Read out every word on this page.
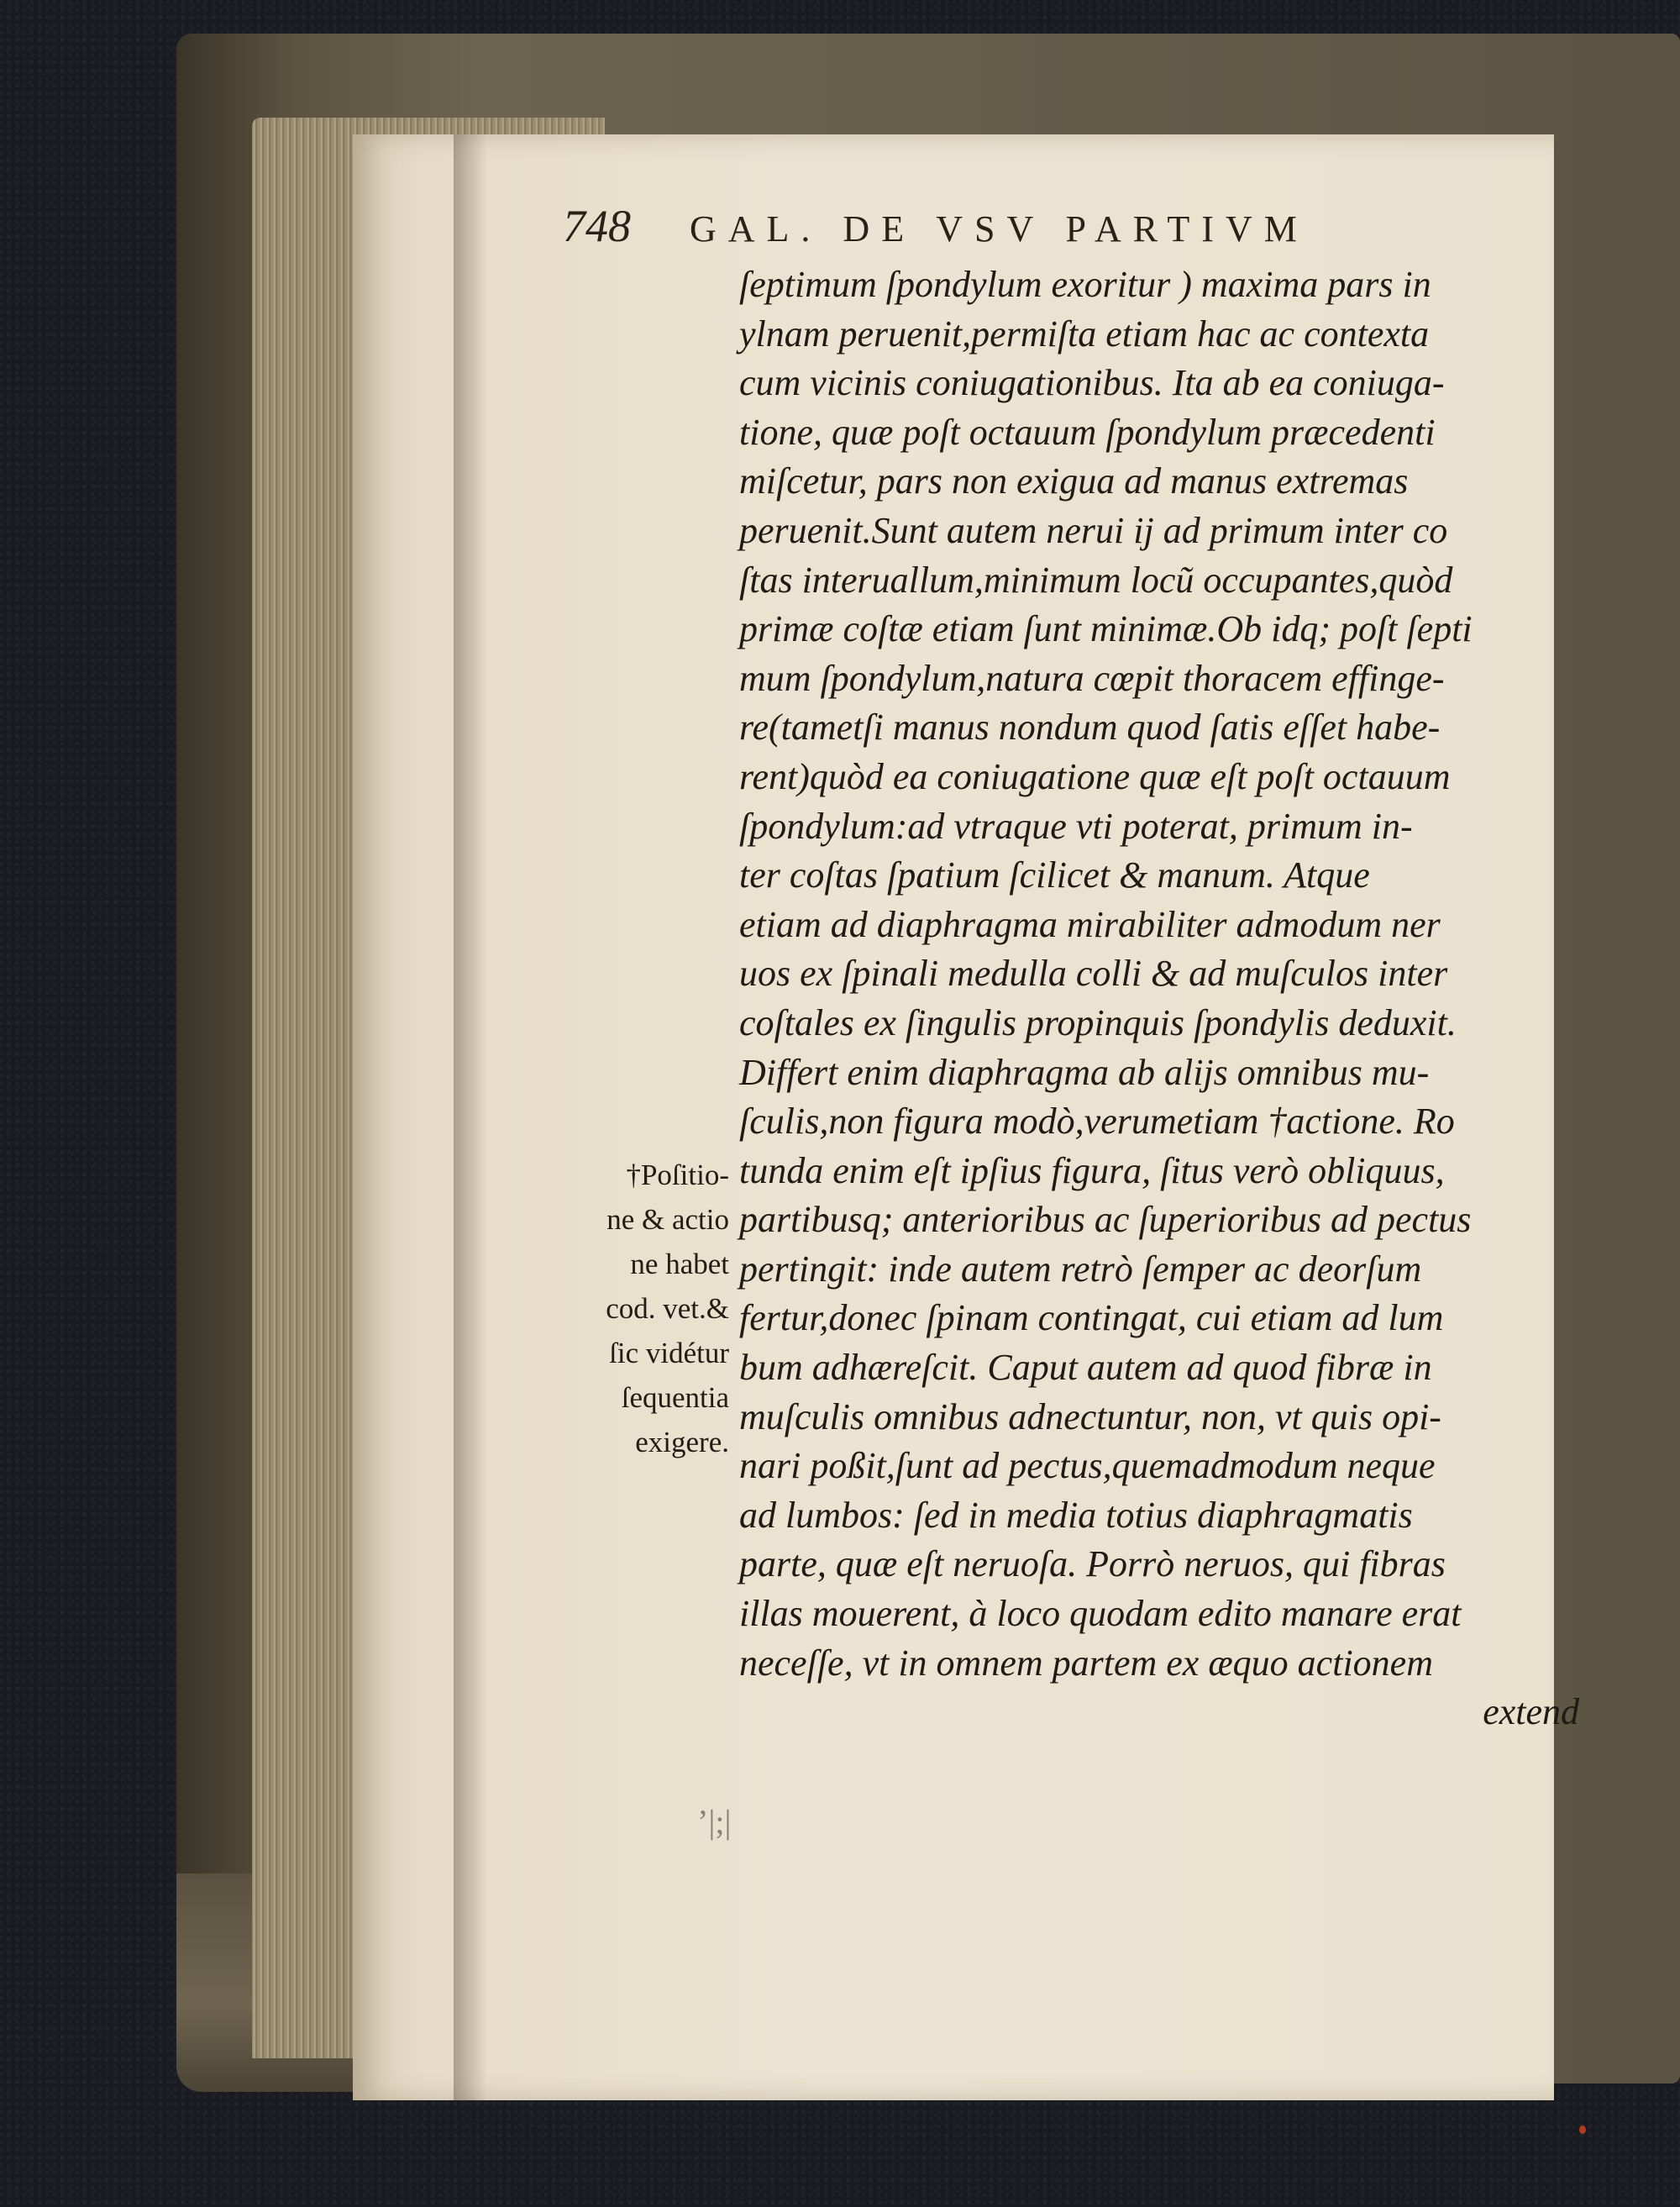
748 GAL. DE VSV PARTIVM
ſeptimum ſpondylum exoritur ) maxima pars in
ylnam peruenit,permiſta etiam hac ac contexta
cum vicinis coniugationibus. Ita ab ea coniuga-
tione, quæ poſt octauum ſpondylum præcedenti
miſcetur, pars non exigua ad manus extremas
peruenit.Sunt autem nerui ij ad primum inter co
ſtas interuallum,minimum locũ occupantes,quòd
primæ coſtæ etiam ſunt minimæ.Ob idq; poſt ſepti
mum ſpondylum,natura cœpit thoracem effinge-
re(tametſi manus nondum quod ſatis eſſet habe-
rent)quòd ea coniugatione quæ eſt poſt octauum
ſpondylum:ad vtraque vti poterat, primum in-
ter coſtas ſpatium ſcilicet & manum. Atque
etiam ad diaphragma mirabiliter admodum ner
uos ex ſpinali medulla colli & ad muſculos inter
coſtales ex ſingulis propinquis ſpondylis deduxit.
Differt enim diaphragma ab alijs omnibus mu-
ſculis,non figura modò,verumetiam †actione. Ro
tunda enim eſt ipſius figura, ſitus verò obliquus,
partibusq; anterioribus ac ſuperioribus ad pectus
pertingit: inde autem retrò ſemper ac deorſum
fertur,donec ſpinam contingat, cui etiam ad lum
bum adhæreſcit. Caput autem ad quod fibræ in
muſculis omnibus adnectuntur, non, vt quis opi-
nari poßit,ſunt ad pectus,quemadmodum neque
ad lumbos: ſed in media totius diaphragmatis
parte, quæ eſt neruoſa. Porrò neruos, qui fibras
illas mouerent, à loco quodam edito manare erat
neceſſe, vt in omnem partem ex æquo actionem
extend
†Poſitio-
ne & actio
ne habet
cod. vet.&
ſic vidétur
ſequentia
exigere.
ʼ|;|
